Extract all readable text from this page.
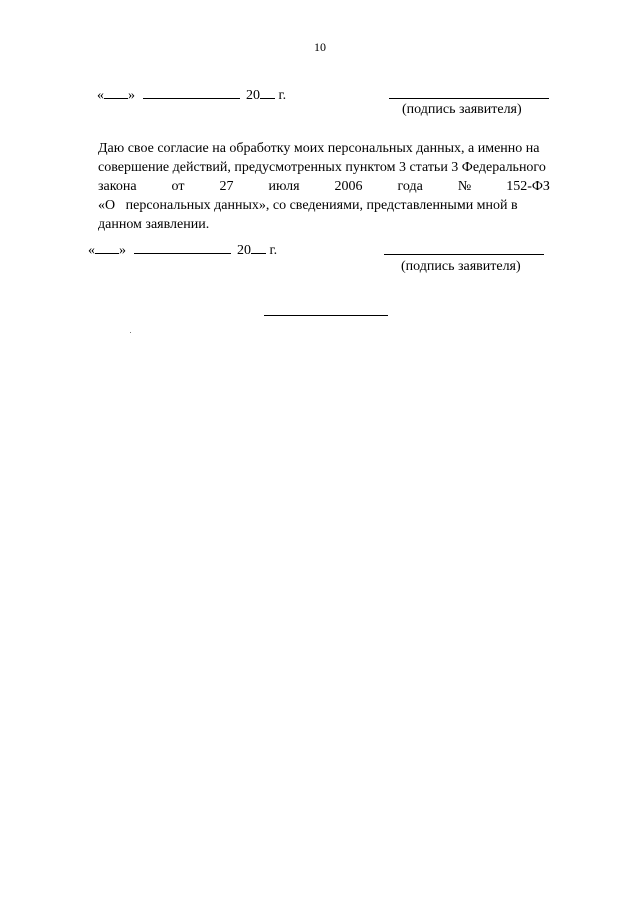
10
« »	20 г.
(подпись заявителя)
Даю свое согласие на обработку моих персональных данных, а именно на
совершение действий, предусмотренных пунктом 3 статьи 3 Федерального
закона	от	27	июля	2006	года	№	152-ФЗ
«О   персональных данных», со сведениями, представленными мной в
данном заявлении.
« »	20 г.
(подпись заявителя)
